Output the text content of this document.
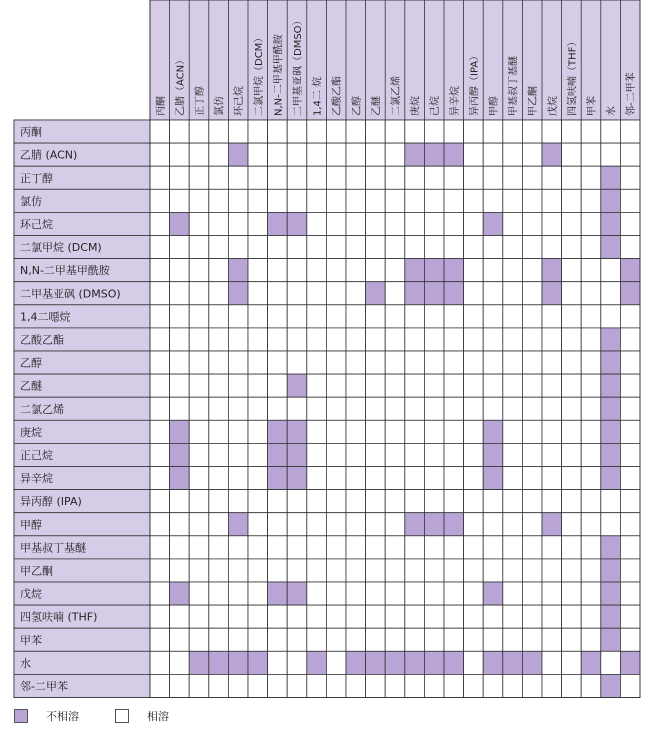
丙酮 乙腈（ACN） 正丁醇 氯仿 环己烷 二氯甲烷（DCM） N,N-二甲基甲酰胺 二甲基亚砜（DMSO） 1,4二 烷 乙酸乙酯 乙醇 乙醚 二氯乙烯 庚烷 己烷 异辛烷 异丙醇（IPA） 甲醇 甲基叔丁基醚 甲乙酮 戊烷 四氢呋喃（THF） 甲苯 水 邻-二甲苯
丙酮
乙腈 (ACN)
正丁醇
氯仿
环己烷
二氯甲烷 (DCM)
N,N-二甲基甲酰胺
二甲基亚砜 (DMSO)
1,4二噁烷
乙酸乙酯
乙醇
乙醚
二氯乙烯
庚烷
正己烷
异辛烷
异丙醇 (IPA)
甲醇
甲基叔丁基醚
甲乙酮
戊烷
四氢呋喃 (THF)
甲苯
水
邻-二甲苯
不相溶	相溶
